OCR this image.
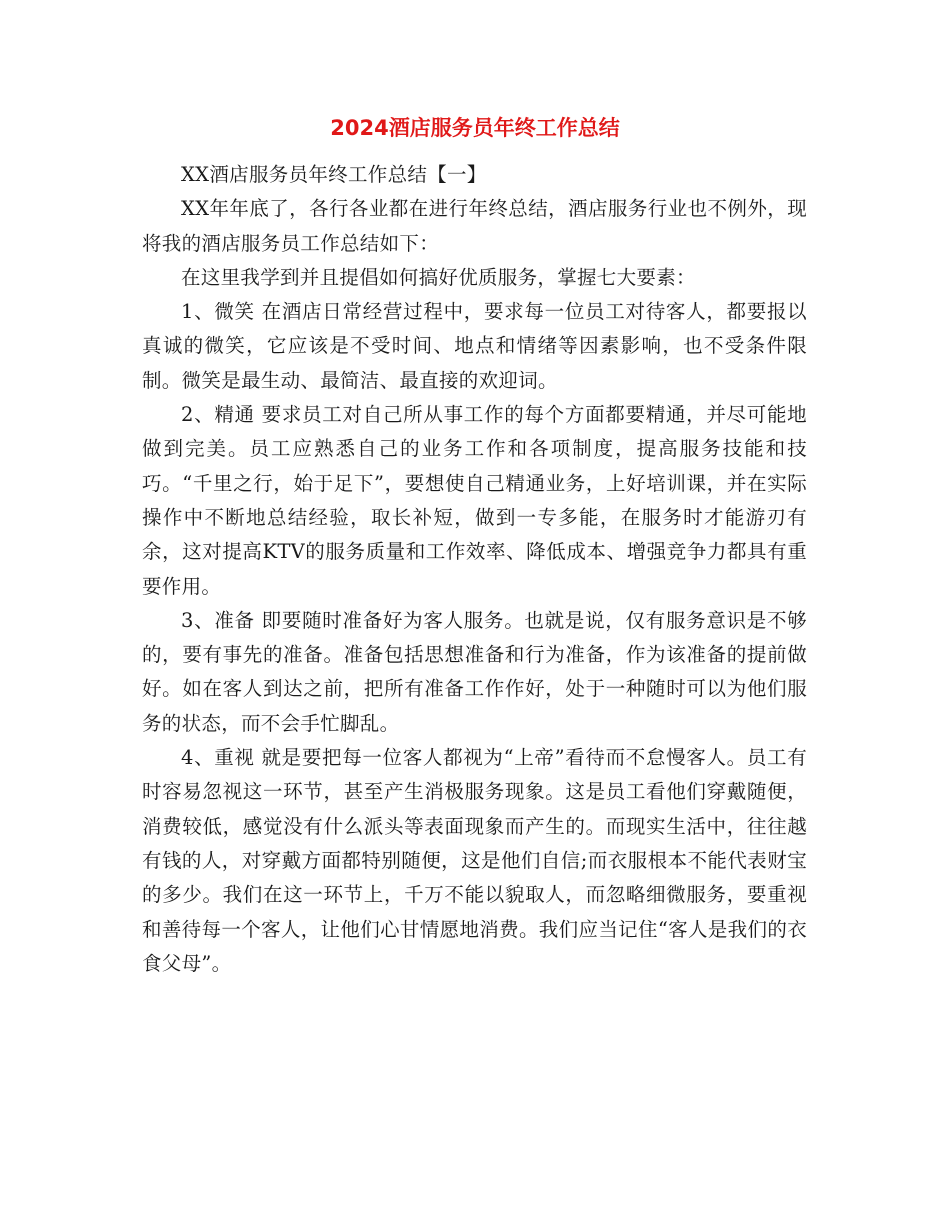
2024酒店服务员年终工作总结

XX酒店服务员年终工作总结【一】

XX年年底了，各行各业都在进行年终总结，酒店服务行业也不例外，现将我的酒店服务员工作总结如下：

在这里我学到并且提倡如何搞好优质服务，掌握七大要素：

1、微笑 在酒店日常经营过程中，要求每一位员工对待客人，都要报以真诚的微笑，它应该是不受时间、地点和情绪等因素影响，也不受条件限制。微笑是最生动、最简洁、最直接的欢迎词。

2、精通 要求员工对自己所从事工作的每个方面都要精通，并尽可能地做到完美。员工应熟悉自己的业务工作和各项制度，提高服务技能和技巧。“千里之行，始于足下”，要想使自己精通业务，上好培训课，并在实际操作中不断地总结经验，取长补短，做到一专多能，在服务时才能游刃有余，这对提高KTV的服务质量和工作效率、降低成本、增强竞争力都具有重要作用。

3、准备 即要随时准备好为客人服务。也就是说，仅有服务意识是不够的，要有事先的准备。准备包括思想准备和行为准备，作为该准备的提前做好。如在客人到达之前，把所有准备工作作好，处于一种随时可以为他们服务的状态，而不会手忙脚乱。

4、重视 就是要把每一位客人都视为“上帝”看待而不怠慢客人。员工有时容易忽视这一环节，甚至产生消极服务现象。这是员工看他们穿戴随便，消费较低，感觉没有什么派头等表面现象而产生的。而现实生活中，往往越有钱的人，对穿戴方面都特别随便，这是他们自信;而衣服根本不能代表财宝的多少。我们在这一环节上，千万不能以貌取人，而忽略细微服务，要重视和善待每一个客人，让他们心甘情愿地消费。我们应当记住“客人是我们的衣食父母”。
